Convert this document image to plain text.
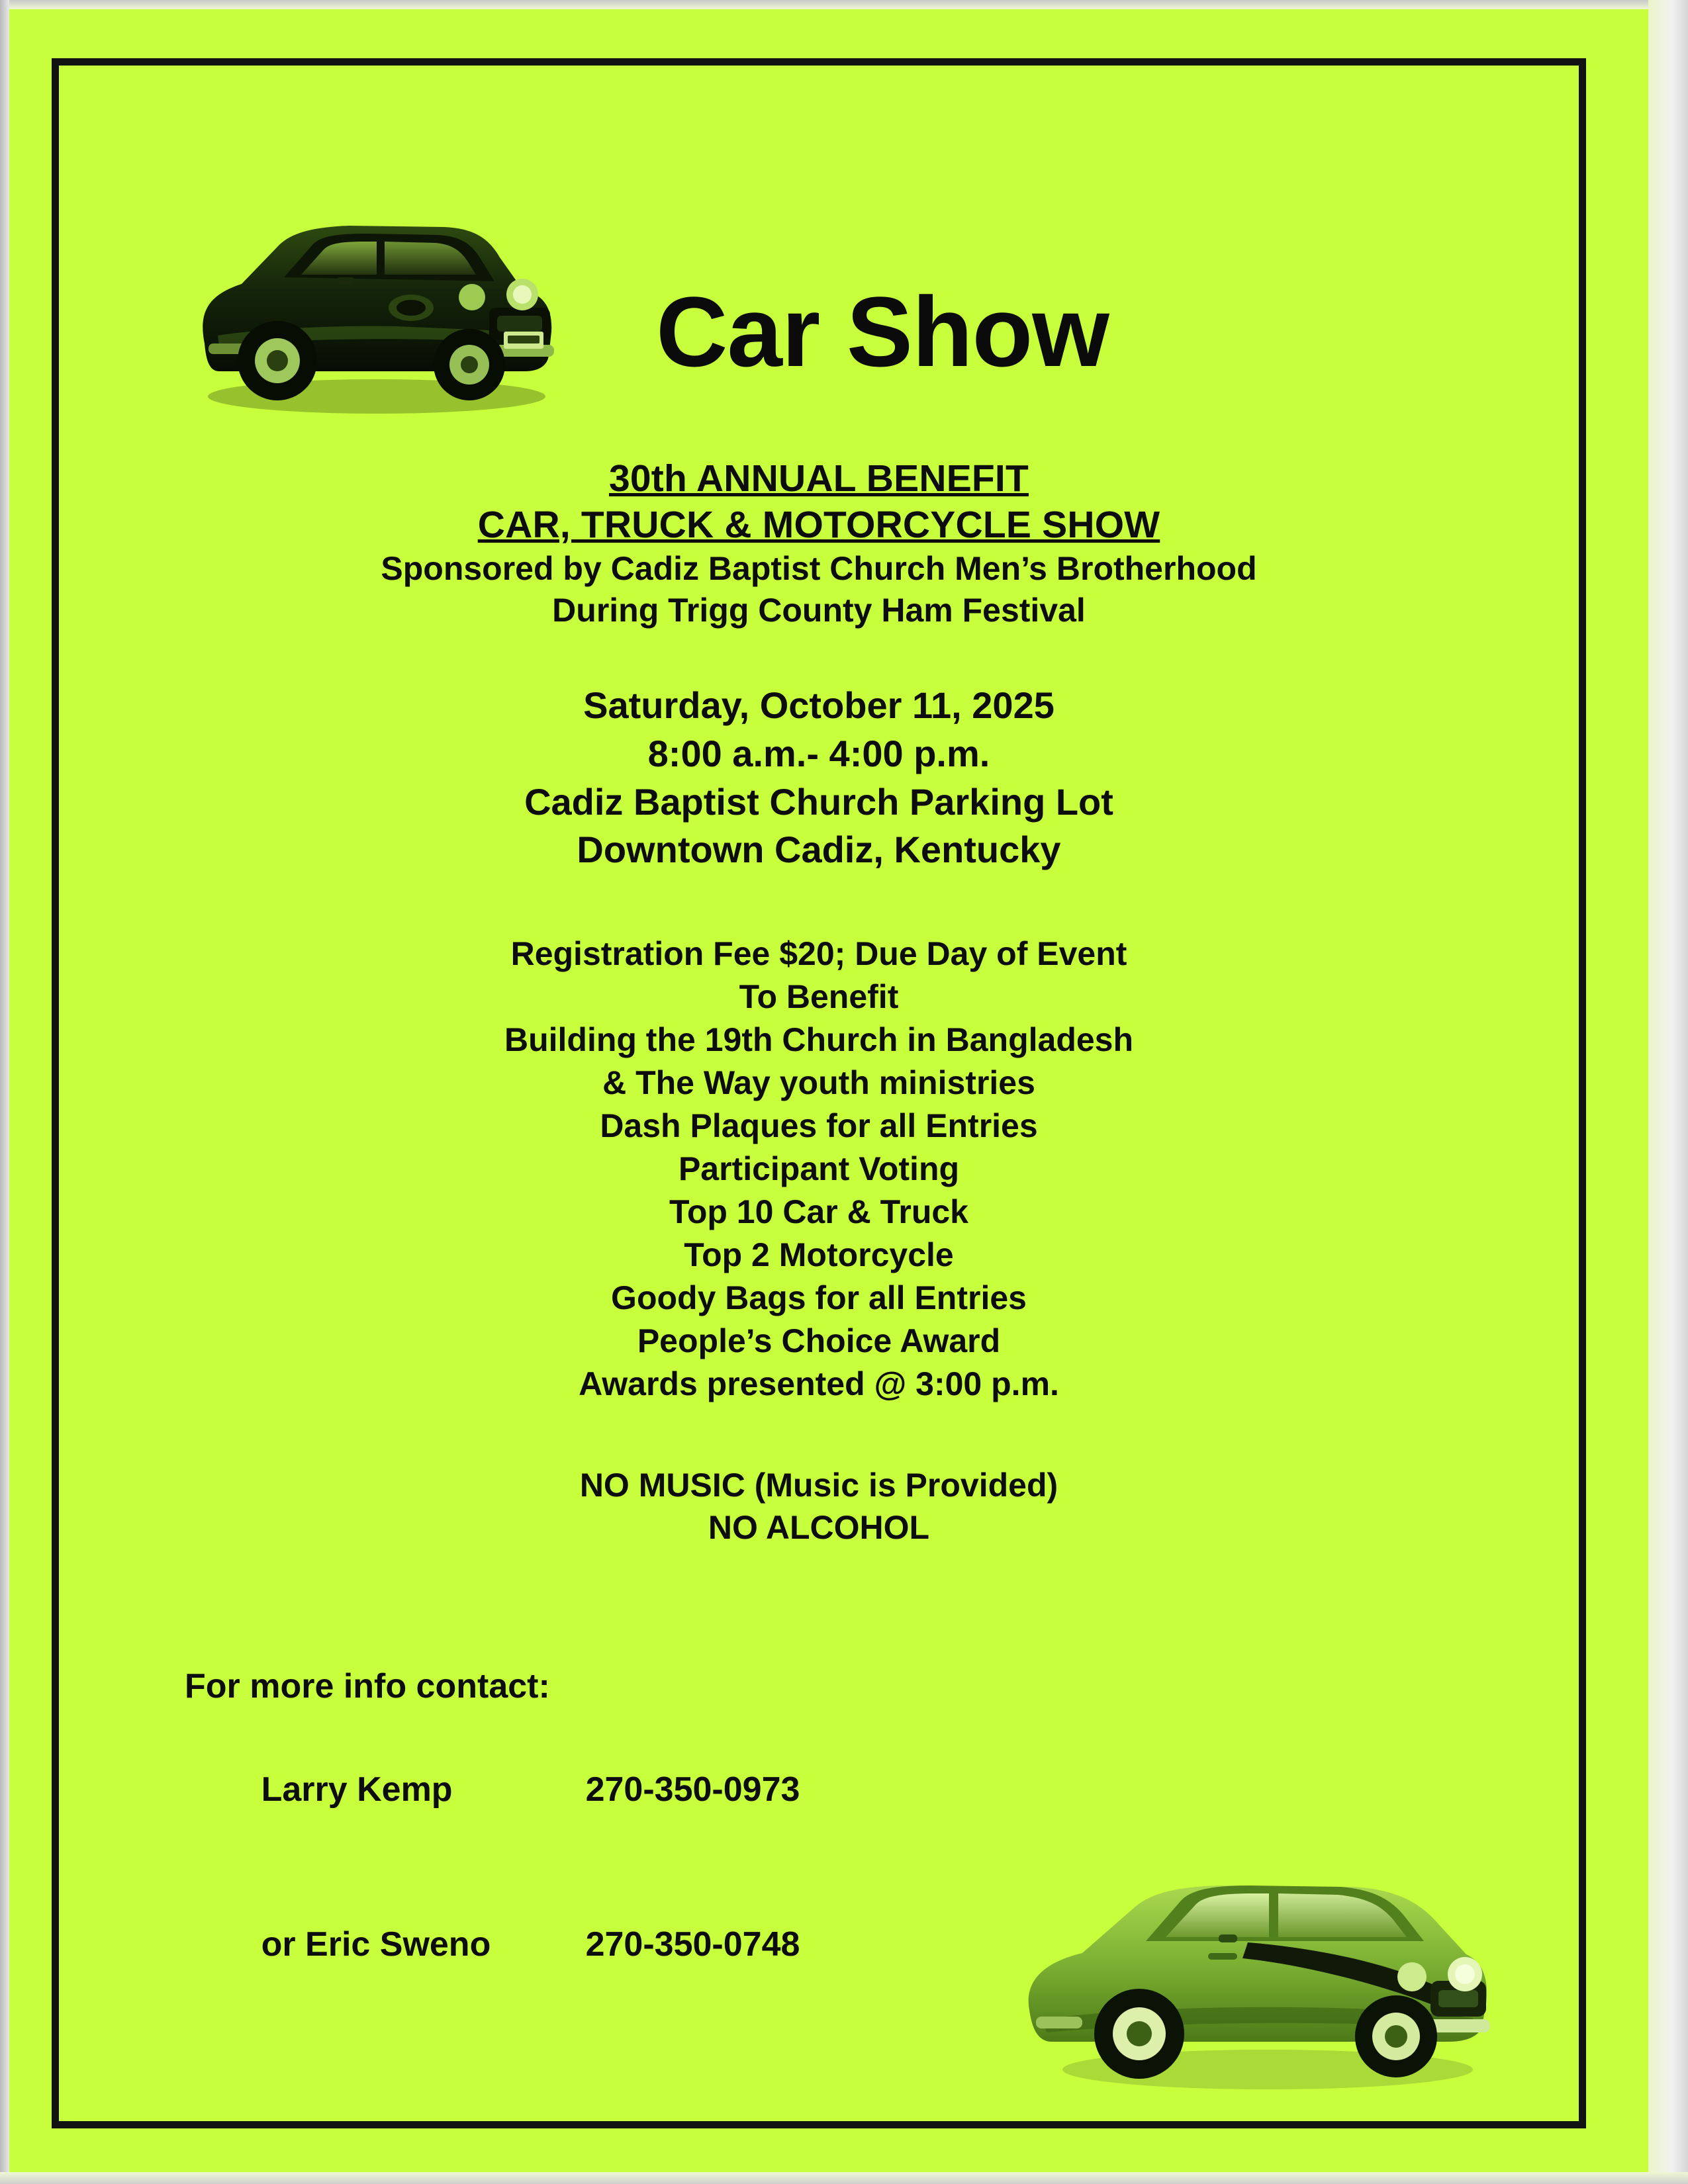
Car Show
30th ANNUAL BENEFIT
CAR, TRUCK & MOTORCYCLE SHOW
Sponsored by Cadiz Baptist Church Men’s Brotherhood
During Trigg County Ham Festival
Saturday, October 11, 2025
8:00 a.m.- 4:00 p.m.
Cadiz Baptist Church Parking Lot
Downtown Cadiz, Kentucky
Registration Fee $20; Due Day of Event
To Benefit
Building the 19th Church in Bangladesh
& The Way youth ministries
Dash Plaques for all Entries
Participant Voting
Top 10 Car & Truck
Top 2 Motorcycle
Goody Bags for all Entries
People’s Choice Award
Awards presented @ 3:00 p.m.
NO MUSIC (Music is Provided)
NO ALCOHOL
For more info contact:

Larry Kemp	270-350-0973

or Eric Sweno	270-350-0748
